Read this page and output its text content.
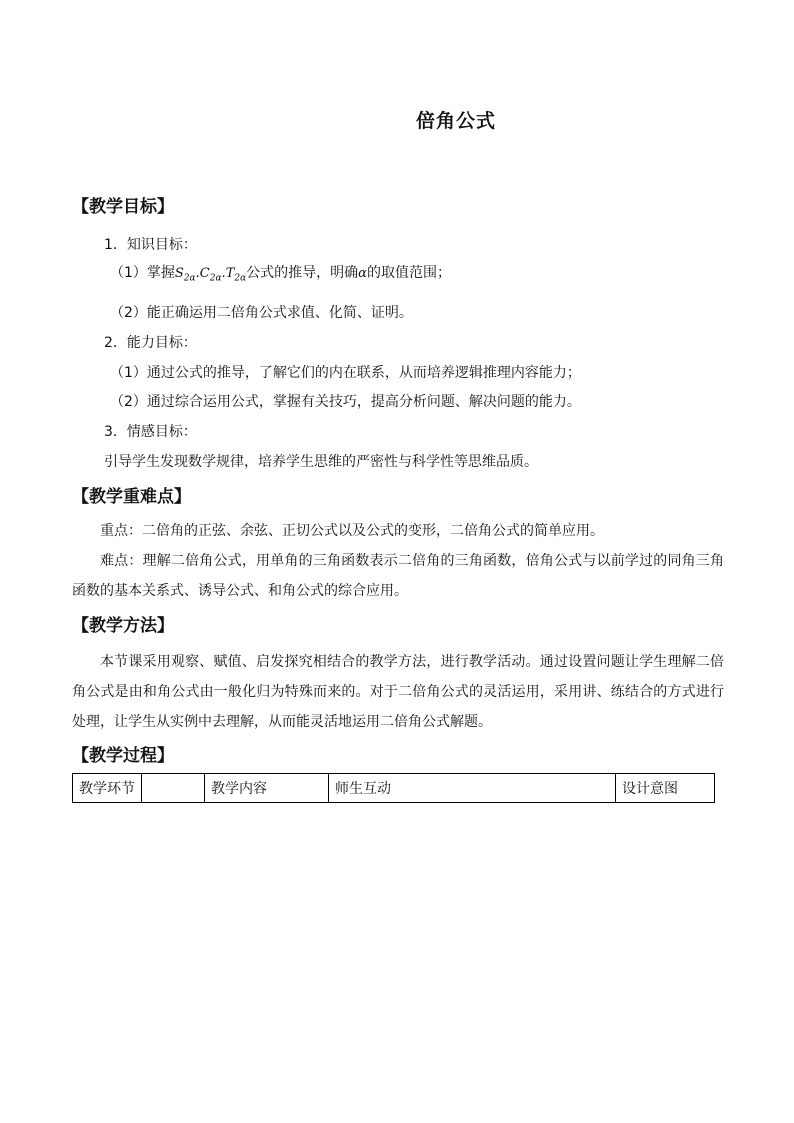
倍角公式
【教学目标】
1．知识目标：
（1）掌握$S_{2\alpha}.C_{2\alpha}.T_{2\alpha}$公式的推导，明确α的取值范围；
（2）能正确运用二倍角公式求值、化简、证明。
2．能力目标：
（1）通过公式的推导，了解它们的内在联系，从而培养逻辑推理内容能力；
（2）通过综合运用公式，掌握有关技巧，提高分析问题、解决问题的能力。
3．情感目标：
引导学生发现数学规律，培养学生思维的严密性与科学性等思维品质。
【教学重难点】
重点：二倍角的正弦、余弦、正切公式以及公式的变形，二倍角公式的简单应用。
难点：理解二倍角公式，用单角的三角函数表示二倍角的三角函数，倍角公式与以前学过的同角三角函数的基本关系式、诱导公式、和角公式的综合应用。
【教学方法】
本节课采用观察、赋值、启发探究相结合的教学方法，进行教学活动。通过设置问题让学生理解二倍角公式是由和角公式由一般化归为特殊而来的。对于二倍角公式的灵活运用，采用讲、练结合的方式进行处理，让学生从实例中去理解，从而能灵活地运用二倍角公式解题。
【教学过程】
教学环节		教学内容	师生互动	设计意图
